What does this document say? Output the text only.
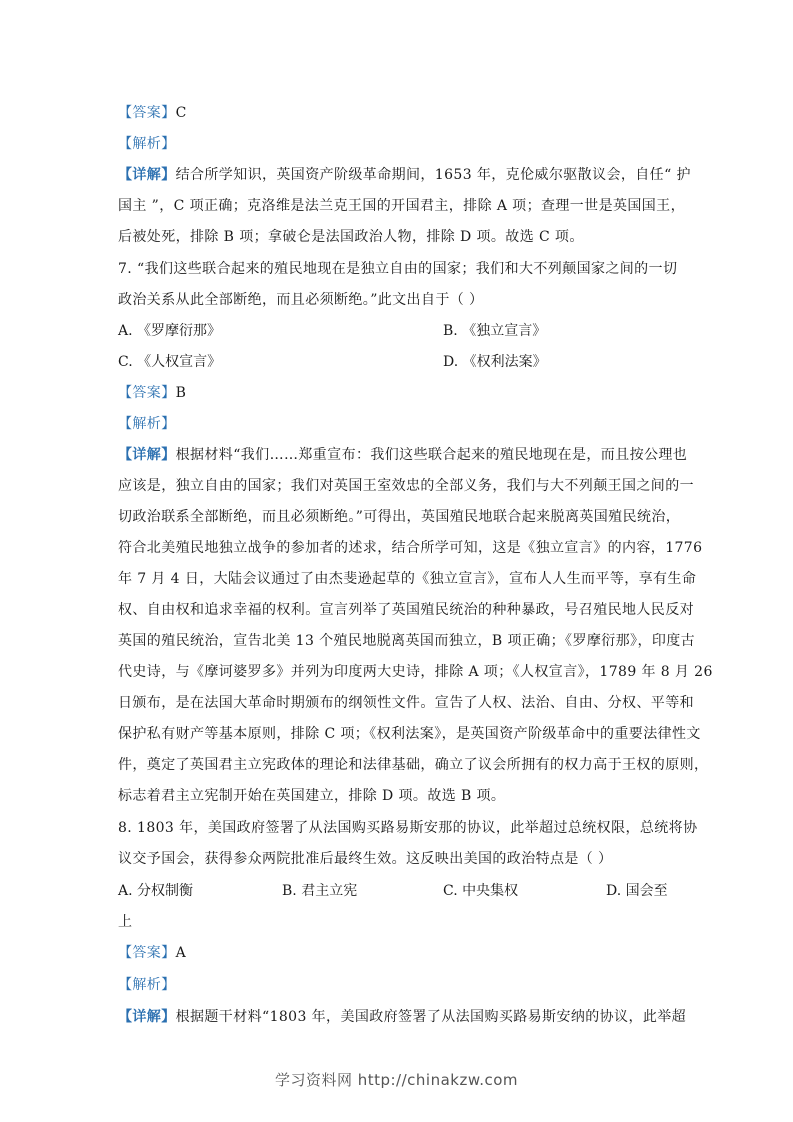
【答案】C
【解析】
【详解】结合所学知识，英国资产阶级革命期间，1653 年，克伦威尔驱散议会，自任“ 护
国主 ”，C 项正确；克洛维是法兰克王国的开国君主，排除 A 项；查理一世是英国国王，
后被处死，排除 B 项；拿破仑是法国政治人物，排除 D 项。故选 C 项。
7. “我们这些联合起来的殖民地现在是独立自由的国家；我们和大不列颠国家之间的一切
政治关系从此全部断绝，而且必须断绝。”此文出自于（ ）
A. 《罗摩衍那》	B. 《独立宣言》
C. 《人权宣言》	D. 《权利法案》
【答案】B
【解析】
【详解】根据材料“我们……郑重宣布：我们这些联合起来的殖民地现在是，而且按公理也
应该是，独立自由的国家；我们对英国王室效忠的全部义务，我们与大不列颠王国之间的一
切政治联系全部断绝，而且必须断绝。”可得出，英国殖民地联合起来脱离英国殖民统治，
符合北美殖民地独立战争的参加者的述求，结合所学可知，这是《独立宣言》的内容，1776
年 7 月 4 日，大陆会议通过了由杰斐逊起草的《独立宣言》，宣布人人生而平等，享有生命
权、自由权和追求幸福的权利。宣言列举了英国殖民统治的种种暴政，号召殖民地人民反对
英国的殖民统治，宣告北美 13 个殖民地脱离英国而独立，B 项正确；《罗摩衍那》，印度古
代史诗，与《摩诃婆罗多》并列为印度两大史诗，排除 A 项；《人权宣言》，1789 年 8 月 26
日颁布，是在法国大革命时期颁布的纲领性文件。宣告了人权、法治、自由、分权、平等和
保护私有财产等基本原则，排除 C 项；《权利法案》，是英国资产阶级革命中的重要法律性文
件，奠定了英国君主立宪政体的理论和法律基础，确立了议会所拥有的权力高于王权的原则，
标志着君主立宪制开始在英国建立，排除 D 项。故选 B 项。
8. 1803 年，美国政府签署了从法国购买路易斯安那的协议，此举超过总统权限，总统将协
议交予国会，获得参众两院批准后最终生效。这反映出美国的政治特点是（ ）
A. 分权制衡	B. 君主立宪	C. 中央集权	D. 国会至
上
【答案】A
【解析】
【详解】根据题干材料“1803 年，美国政府签署了从法国购买路易斯安纳的协议，此举超
学习资料网 http://chinakzw.com
